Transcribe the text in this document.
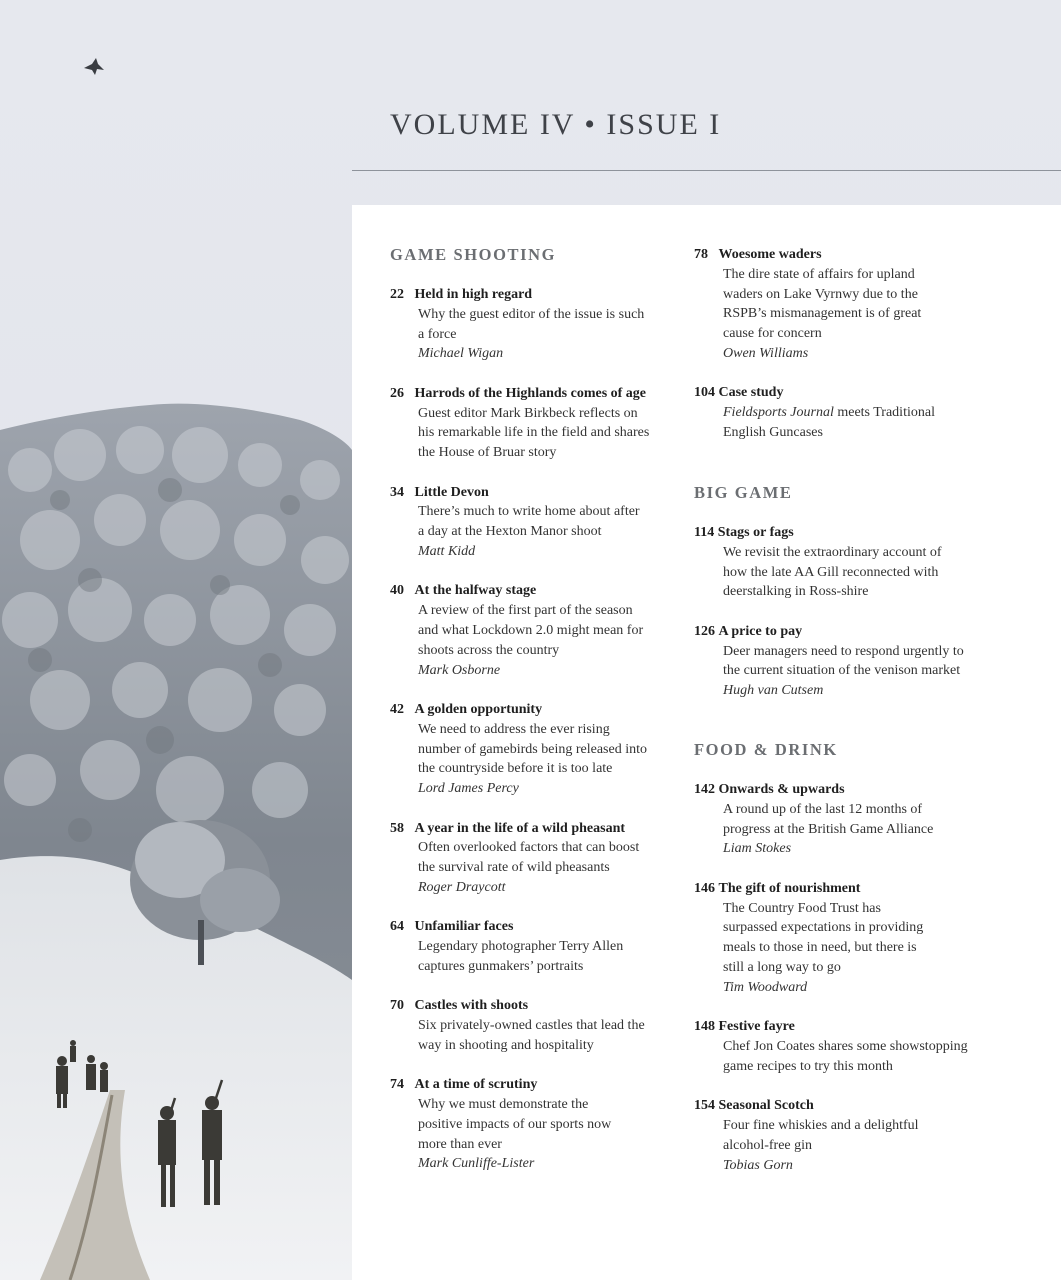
VOLUME IV • ISSUE I
GAME SHOOTING
22 Held in high regard
Why the guest editor of the issue is such
a force
Michael Wigan
26 Harrods of the Highlands comes of age
Guest editor Mark Birkbeck reflects on
his remarkable life in the field and shares
the House of Bruar story
34 Little Devon
There’s much to write home about after
a day at the Hexton Manor shoot
Matt Kidd
40 At the halfway stage
A review of the first part of the season
and what Lockdown 2.0 might mean for
shoots across the country
Mark Osborne
42 A golden opportunity
We need to address the ever rising
number of gamebirds being released into
the countryside before it is too late
Lord James Percy
58 A year in the life of a wild pheasant
Often overlooked factors that can boost
the survival rate of wild pheasants
Roger Draycott
64 Unfamiliar faces
Legendary photographer Terry Allen
captures gunmakers’ portraits
70 Castles with shoots
Six privately-owned castles that lead the
way in shooting and hospitality
74 At a time of scrutiny
Why we must demonstrate the
positive impacts of our sports now
more than ever
Mark Cunliffe-Lister
78 Woesome waders
The dire state of affairs for upland
waders on Lake Vyrnwy due to the
RSPB’s mismanagement is of great
cause for concern
Owen Williams
104 Case study
Fieldsports Journal meets Traditional
English Guncases
BIG GAME
114 Stags or fags
We revisit the extraordinary account of
how the late AA Gill reconnected with
deerstalking in Ross-shire
126 A price to pay
Deer managers need to respond urgently to
the current situation of the venison market
Hugh van Cutsem
FOOD & DRINK
142 Onwards & upwards
A round up of the last 12 months of
progress at the British Game Alliance
Liam Stokes
146 The gift of nourishment
The Country Food Trust has
surpassed expectations in providing
meals to those in need, but there is
still a long way to go
Tim Woodward
148 Festive fayre
Chef Jon Coates shares some showstopping
game recipes to try this month
154 Seasonal Scotch
Four fine whiskies and a delightful
alcohol-free gin
Tobias Gorn
